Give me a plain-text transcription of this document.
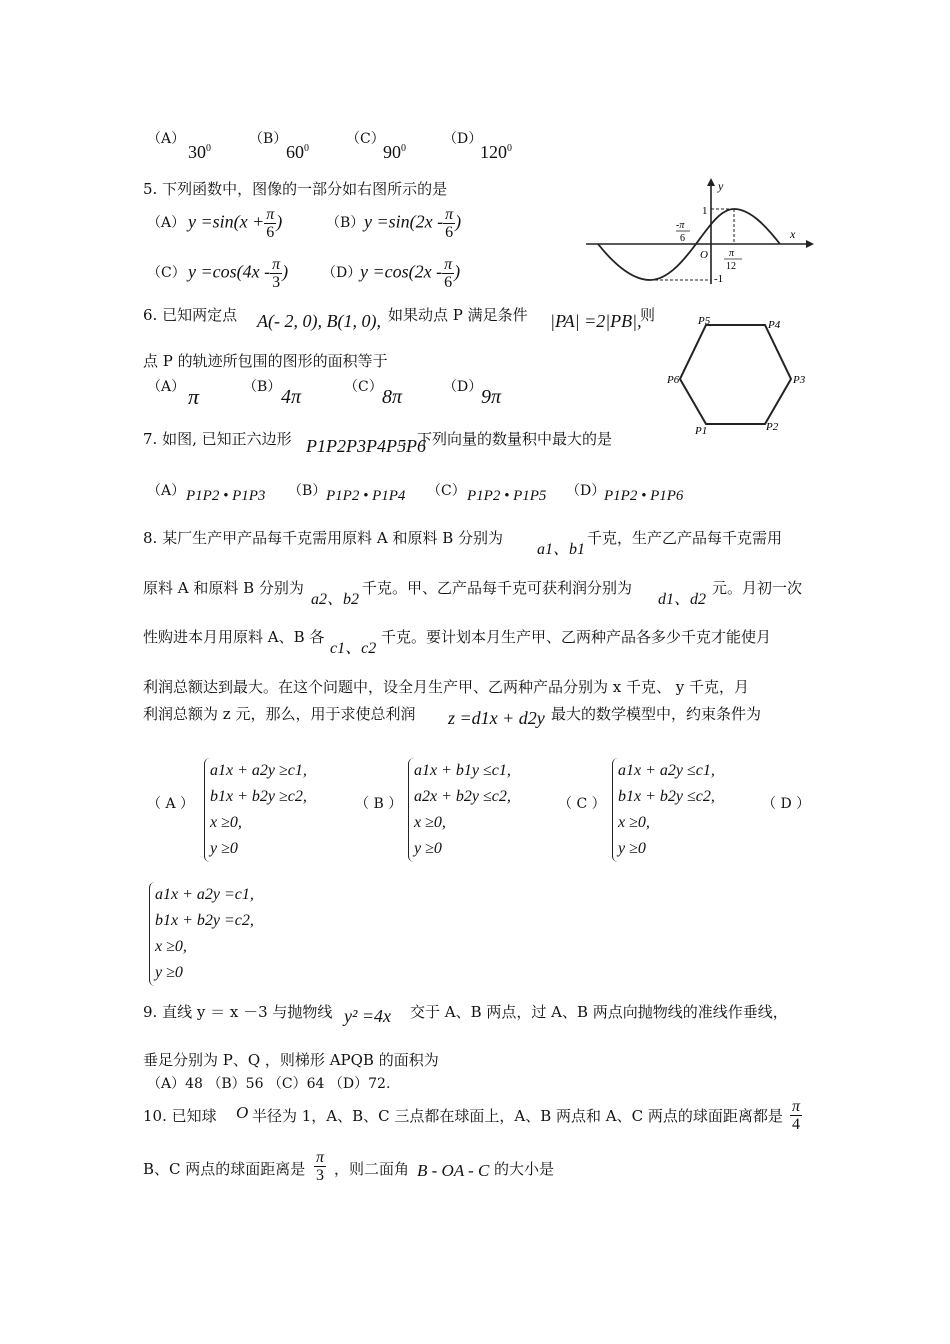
（A）
$30^0$
（B）
$60^0$
（C）
$90^0$
（D）
$120^0$
5. 下列函数中，图像的一部分如右图所示的是
（A） $y =\sin(x + \frac{\pi}{6}$ )	（B） $y =\sin(2x - \frac{\pi}{6}$ )
（C） $y =\cos(4x - \frac{\pi}{3}$ ) （D）
$y =\cos(2x - \frac{\pi}{6}$ )
y
x
1
-1
O
-π
6
π
12
6. 已知两定点 A(- 2, 0), B(1, 0), 如果动点 P 满足条件 |PA| =2|PB|,
则
点 P 的轨迹所包围的图形的面积等于
（A） π	（B） 4π	（C） 8π	（D）
9π
P5	P4
P6	P3
P1	P2
7. 如图, 已知正六边形 P1P2P3P4P5P6
，下列向量的数量积中最大的是
（A） P1P2 • P1P3 （B） P1P2 • P1P4 （C） P1P2 • P1P5 （D）
P1P2 • P1P6
8. 某厂生产甲产品每千克需用原料 A 和原料 B 分别为
a1、b1
千克，生产乙产品每千克需用
原料 A 和原料 B 分别为
a2、b2
千克。甲、乙产品每千克可获利润分别为
d1、d2
元。月初一次
性购进本月用原料 A、B 各
c1、c2
千克。要计划本月生产甲、乙两种产品各多少千克才能使月
利润总额达到最大。在这个问题中，设全月生产甲、乙两种产品分别为 x 千克、 y 千克，月
利润总额为 z 元，那么，用于求使总利润 z =d1x + d2y 最大的数学模型中，约束条件为
（ A ）
a1x + a2y ≥c1,
b1x + b2y ≥c2,
x ≥0,
y ≥0
（ B ）
a1x + b1y ≤c1,
a2x + b2y ≤c2,
x ≥0,
y ≥0
（ C ）
a1x + a2y ≤c1,
b1x + b2y ≤c2,
x ≥0,
y ≥0
（ D ）
a1x + a2y =c1,
b1x + b2y =c2,
x ≥0,
y ≥0
9. 直线 y ＝ x －3 与抛物线 y² =4x 交于 A、B 两点，过 A、B 两点向抛物线的准线作垂线，
垂足分别为 P、Q ，则梯形 APQB 的面积为
（A）48 （B）56 （C）64 （D）72.
10. 已知球 O 半径为 1，A、B、C 三点都在球面上，A、B 两点和 A、C 两点的球面距离都是 $\frac{\pi}{4}$
B、C 两点的球面距离是 $\frac{\pi}{3}$ ，则二面角 B - OA - C 的大小是
